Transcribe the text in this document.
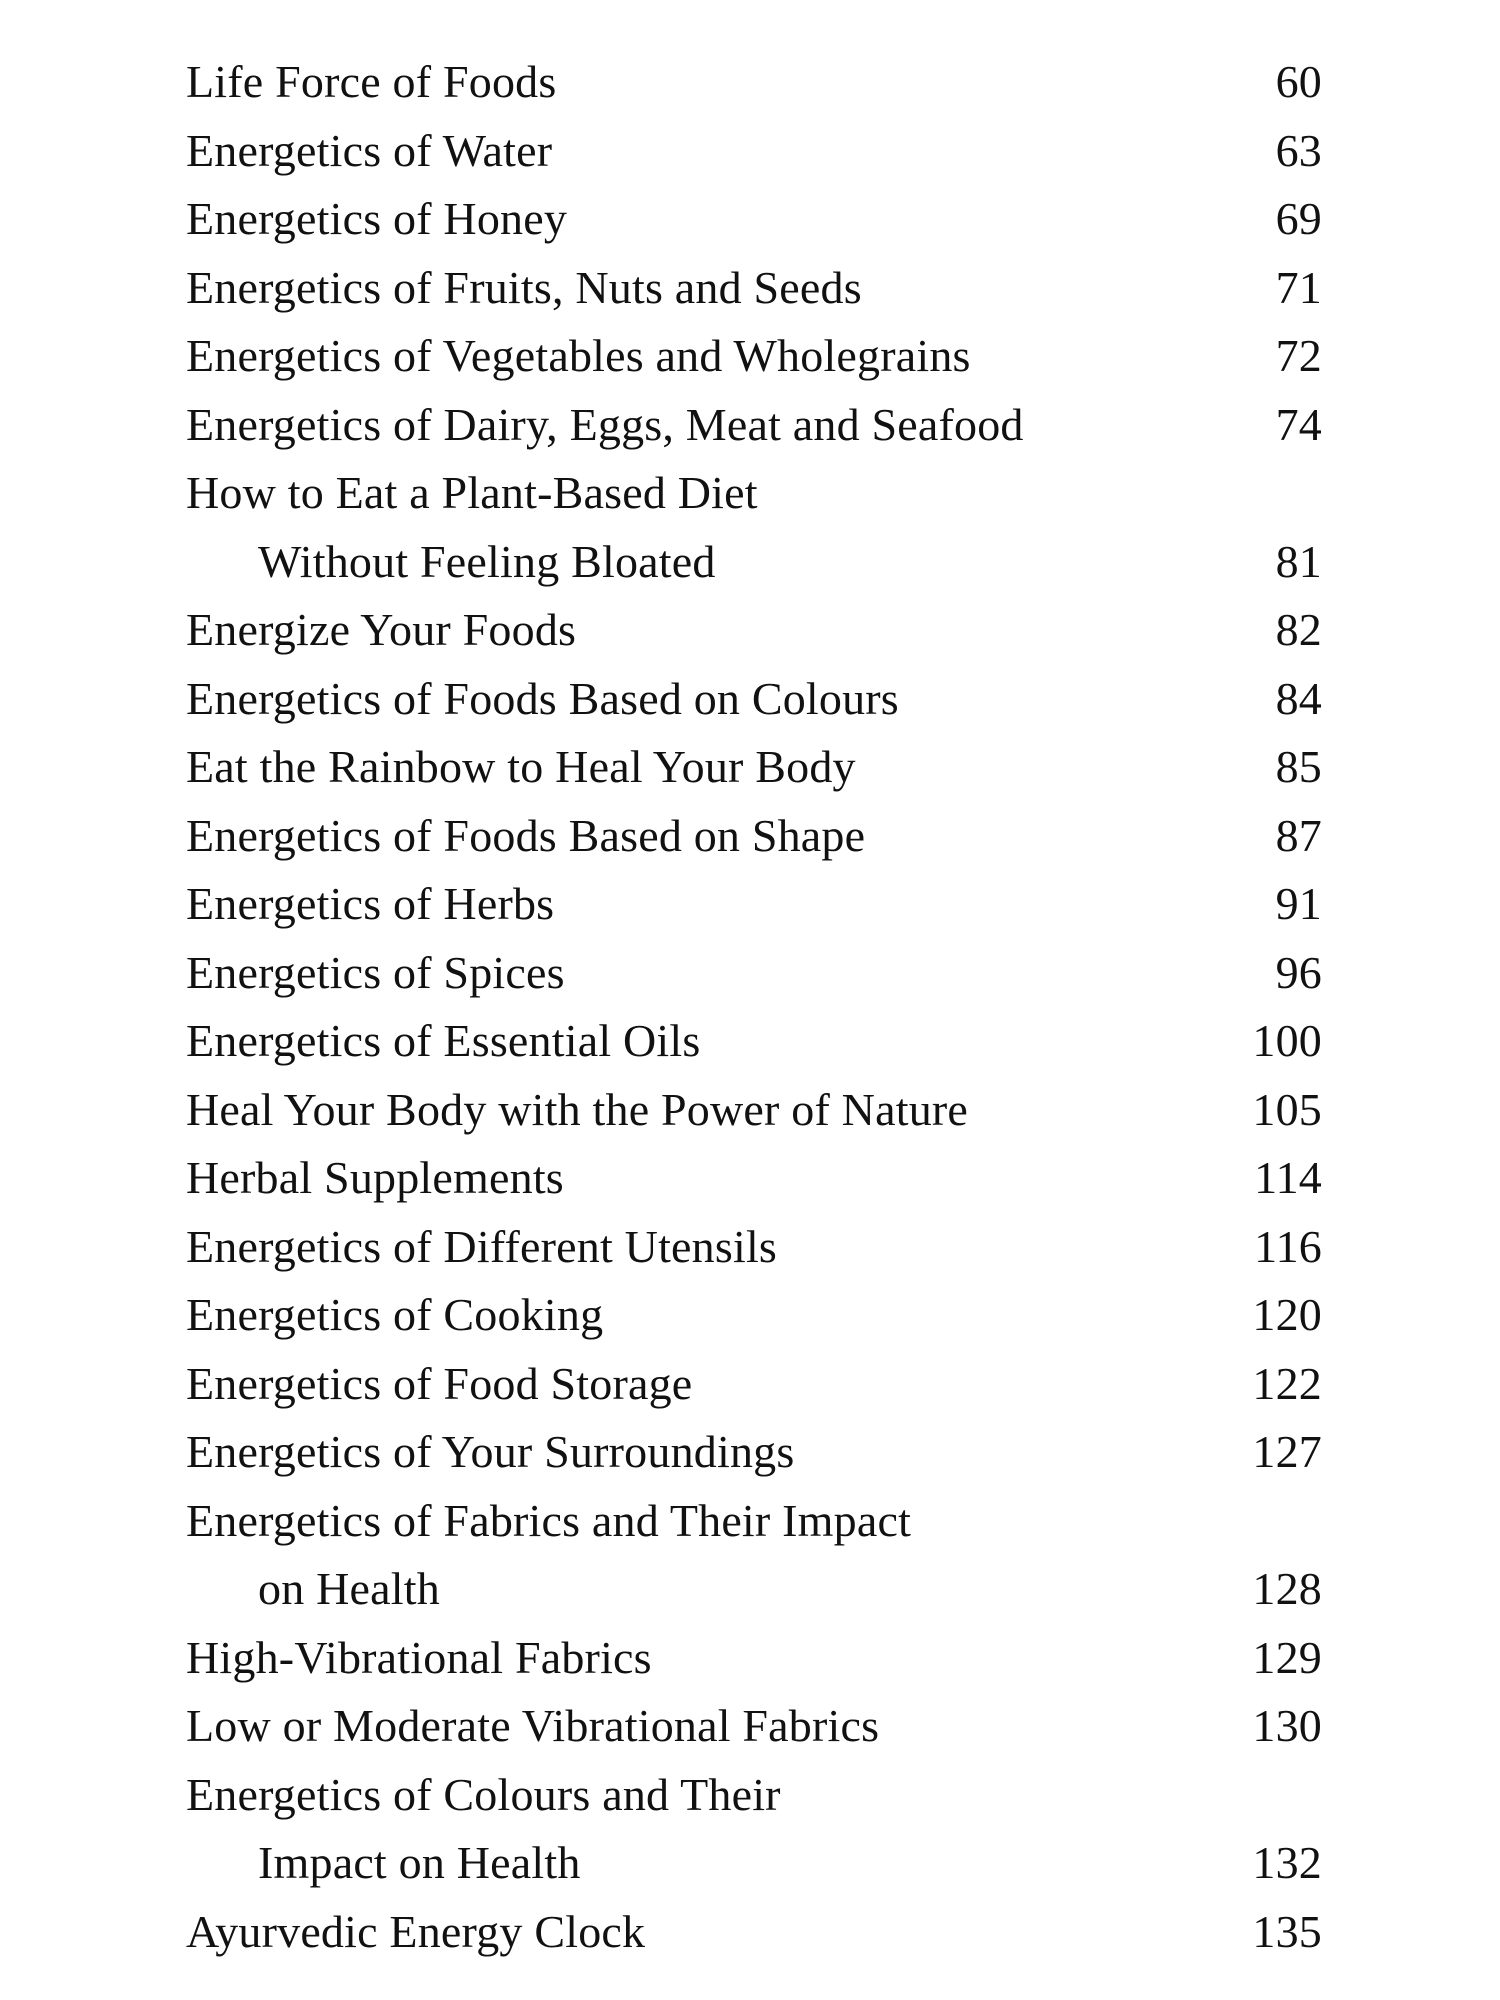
Life Force of Foods	60
Energetics of Water	63
Energetics of Honey	69
Energetics of Fruits, Nuts and Seeds	71
Energetics of Vegetables and Wholegrains	72
Energetics of Dairy, Eggs, Meat and Seafood	74
How to Eat a Plant-Based Diet
Without Feeling Bloated	81
Energize Your Foods	82
Energetics of Foods Based on Colours	84
Eat the Rainbow to Heal Your Body	85
Energetics of Foods Based on Shape	87
Energetics of Herbs	91
Energetics of Spices	96
Energetics of Essential Oils	100
Heal Your Body with the Power of Nature	105
Herbal Supplements	114
Energetics of Different Utensils	116
Energetics of Cooking	120
Energetics of Food Storage	122
Energetics of Your Surroundings	127
Energetics of Fabrics and Their Impact
on Health	128
High-Vibrational Fabrics	129
Low or Moderate Vibrational Fabrics	130
Energetics of Colours and Their
Impact on Health	132
Ayurvedic Energy Clock	135
